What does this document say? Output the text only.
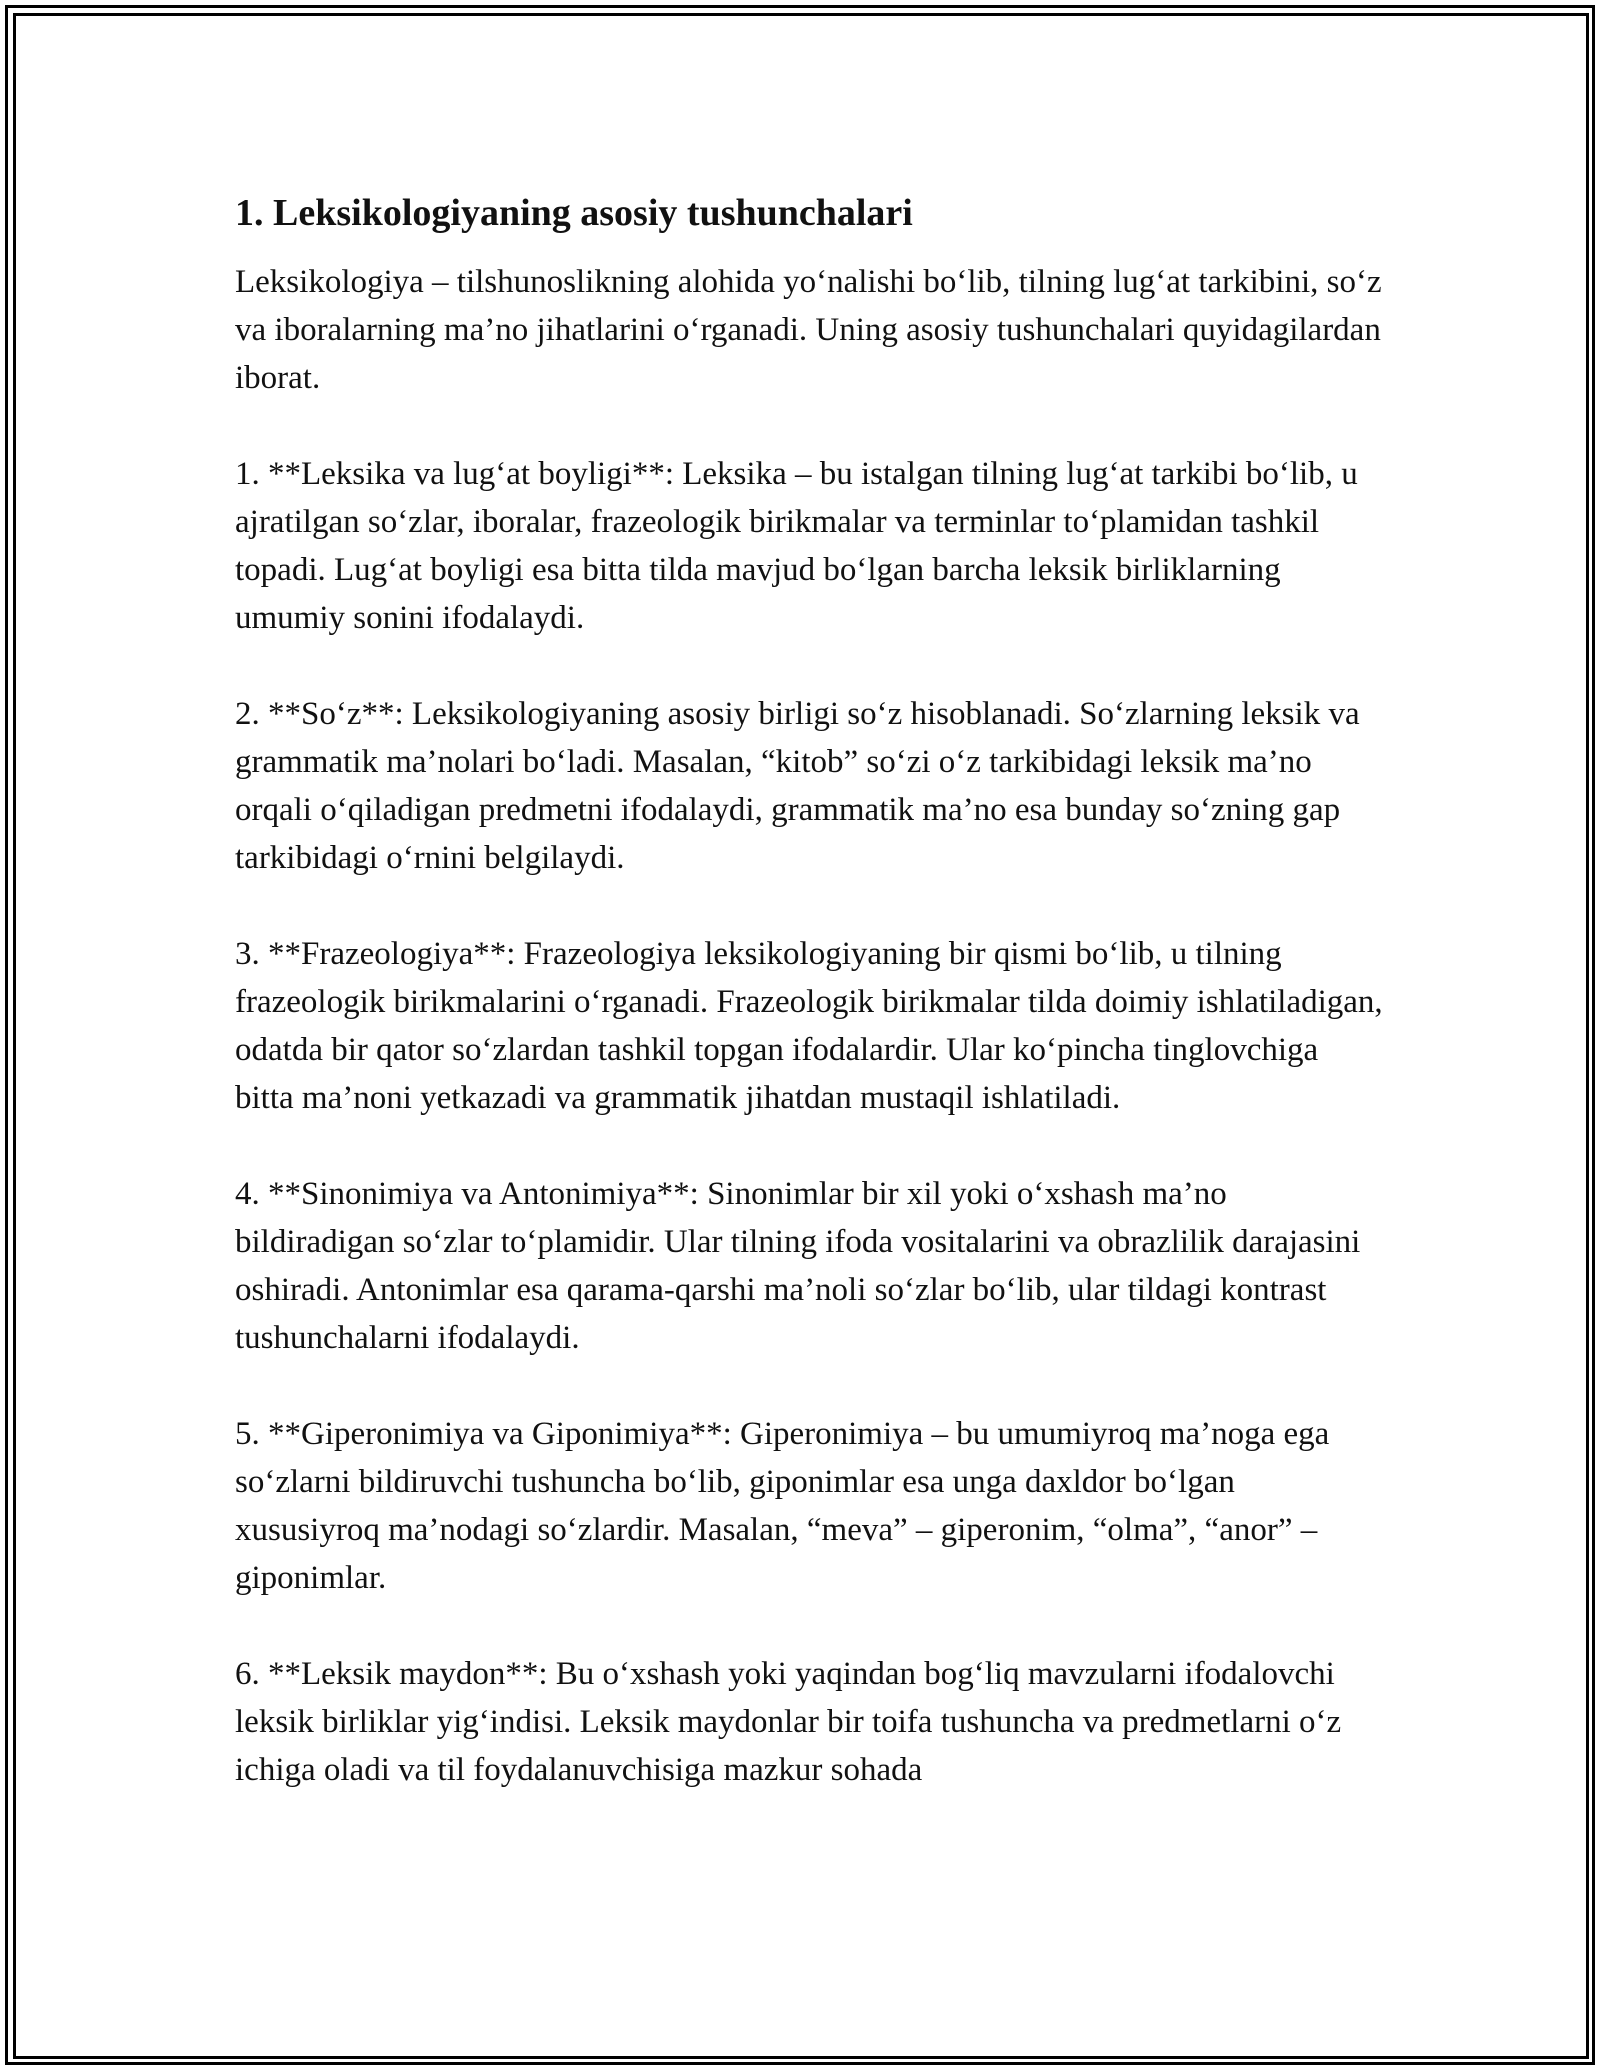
1. Leksikologiyaning asosiy tushunchalari

Leksikologiya – tilshunoslikning alohida yo‘nalishi bo‘lib, tilning lug‘at tarkibini, so‘z va iboralarning ma’no jihatlarini o‘rganadi. Uning asosiy tushunchalari quyidagilardan iborat.

1. **Leksika va lug‘at boyligi**: Leksika – bu istalgan tilning lug‘at tarkibi bo‘lib, u ajratilgan so‘zlar, iboralar, frazeologik birikmalar va terminlar to‘plamidan tashkil topadi. Lug‘at boyligi esa bitta tilda mavjud bo‘lgan barcha leksik birliklarning umumiy sonini ifodalaydi.

2. **So‘z**: Leksikologiyaning asosiy birligi so‘z hisoblanadi. So‘zlarning leksik va grammatik ma’nolari bo‘ladi. Masalan, “kitob” so‘zi o‘z tarkibidagi leksik ma’no orqali o‘qiladigan predmetni ifodalaydi, grammatik ma’no esa bunday so‘zning gap tarkibidagi o‘rnini belgilaydi.

3. **Frazeologiya**: Frazeologiya leksikologiyaning bir qismi bo‘lib, u tilning frazeologik birikmalarini o‘rganadi. Frazeologik birikmalar tilda doimiy ishlatiladigan, odatda bir qator so‘zlardan tashkil topgan ifodalardir. Ular ko‘pincha tinglovchiga bitta ma’noni yetkazadi va grammatik jihatdan mustaqil ishlatiladi.

4. **Sinonimiya va Antonimiya**: Sinonimlar bir xil yoki o‘xshash ma’no bildiradigan so‘zlar to‘plamidir. Ular tilning ifoda vositalarini va obrazlilik darajasini oshiradi. Antonimlar esa qarama-qarshi ma’noli so‘zlar bo‘lib, ular tildagi kontrast tushunchalarni ifodalaydi.

5. **Giperonimiya va Giponimiya**: Giperonimiya – bu umumiyroq ma’noga ega so‘zlarni bildiruvchi tushuncha bo‘lib, giponimlar esa unga daxldor bo‘lgan xususiyroq ma’nodagi so‘zlardir. Masalan, “meva” – giperonim, “olma”, “anor” – giponimlar.

6. **Leksik maydon**: Bu o‘xshash yoki yaqindan bog‘liq mavzularni ifodalovchi leksik birliklar yig‘indisi. Leksik maydonlar bir toifa tushuncha va predmetlarni o‘z ichiga oladi va til foydalanuvchisiga mazkur sohada
